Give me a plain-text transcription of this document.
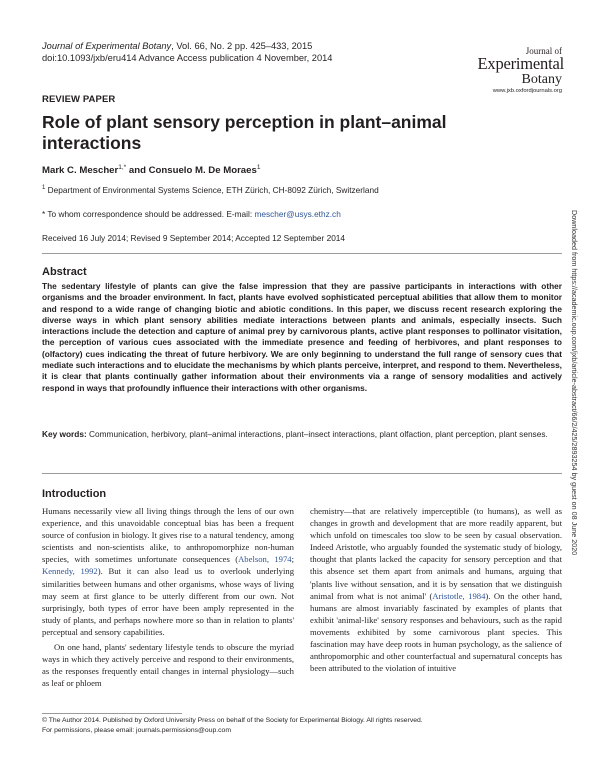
Journal of Experimental Botany, Vol. 66, No. 2 pp. 425–433, 2015
doi:10.1093/jxb/eru414 Advance Access publication 4 November, 2014
Journal of
Experimental
Botany
www.jxb.oxfordjournals.org
REVIEW PAPER
Role of plant sensory perception in plant–animal interactions
Mark C. Mescher$^{1,*}$ and Consuelo M. De Moraes$^1$
$^1$ Department of Environmental Systems Science, ETH Zürich, CH-8092 Zürich, Switzerland
* To whom correspondence should be addressed. E-mail: mescher@usys.ethz.ch
Received 16 July 2014; Revised 9 September 2014; Accepted 12 September 2014
Abstract
The sedentary lifestyle of plants can give the false impression that they are passive participants in interactions with other organisms and the broader environment. In fact, plants have evolved sophisticated perceptual abilities that allow them to monitor and respond to a wide range of changing biotic and abiotic conditions. In this paper, we discuss recent research exploring the diverse ways in which plant sensory abilities mediate interactions between plants and animals, especially insects. Such interactions include the detection and capture of animal prey by carnivorous plants, active plant responses to pollinator visitation, the perception of various cues associated with the immediate presence and feeding of herbivores, and plant responses to (olfactory) cues indicating the threat of future herbivory. We are only beginning to understand the full range of sensory cues that mediate such interactions and to elucidate the mechanisms by which plants perceive, interpret, and respond to them. Nevertheless, it is clear that plants continually gather information about their environments via a range of sensory modalities and actively respond in ways that profoundly influence their interactions with other organisms.
Key words: Communication, herbivory, plant–animal interactions, plant–insect interactions, plant olfaction, plant perception, plant senses.
Introduction

Humans necessarily view all living things through the lens of our own experience, and this unavoidable conceptual bias has been a frequent source of confusion in biology. It gives rise to a natural tendency, among scientists and non-scientists alike, to anthropomorphize non-human species, with sometimes unfortunate consequences (Abelson, 1974; Kennedy, 1992). But it can also lead us to overlook underlying similarities between humans and other organisms, whose ways of living may seem at first glance to be utterly different from our own. Not surprisingly, both types of error have been amply represented in the study of plants, and perhaps nowhere more so than in relation to plants' perceptual and sensory capabilities.

On one hand, plants' sedentary lifestyle tends to obscure the myriad ways in which they actively perceive and respond to their environments, as the responses frequently entail changes in internal physiology—such as leaf or phloem

chemistry—that are relatively imperceptible (to humans), as well as changes in growth and development that are more readily apparent, but which unfold on timescales too slow to be seen by casual observation. Indeed Aristotle, who arguably founded the systematic study of biology, thought that plants lacked the capacity for sensory perception and that this absence set them apart from animals and humans, arguing that 'plants live without sensation, and it is by sensation that we distinguish animal from what is not animal' (Aristotle, 1984). On the other hand, humans are almost invariably fascinated by examples of plants that exhibit 'animal-like' sensory responses and behaviours, such as the rapid movements exhibited by some carnivorous plant species. This fascination may have deep roots in human psychology, as the salience of anthropomorphic and other counterfactual and supernatural concepts has been attributed to the violation of intuitive

© The Author 2014. Published by Oxford University Press on behalf of the Society for Experimental Biology. All rights reserved.
For permissions, please email: journals.permissions@oup.com
Downloaded from https://academic.oup.com/jxb/article-abstract/66/2/425/2893254 by guest on 08 June 2020
